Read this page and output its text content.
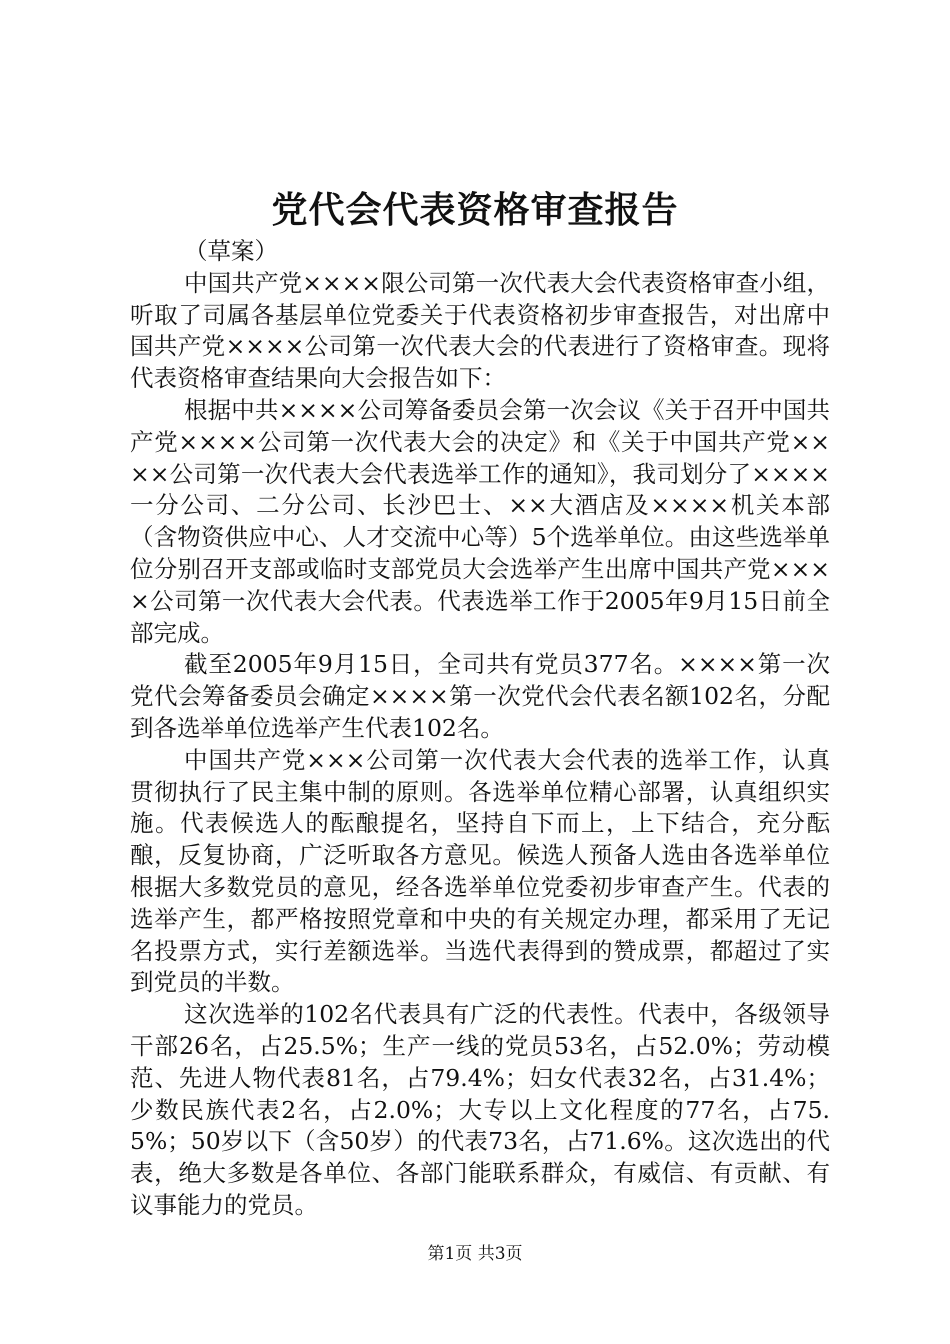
党代会代表资格审查报告

（草案）

中国共产党××××限公司第一次代表大会代表资格审查小组，听取了司属各基层单位党委关于代表资格初步审查报告，对出席中国共产党××××公司第一次代表大会的代表进行了资格审查。现将代表资格审查结果向大会报告如下：

根据中共××××公司筹备委员会第一次会议《关于召开中国共产党××××公司第一次代表大会的决定》和《关于中国共产党××××公司第一次代表大会代表选举工作的通知》，我司划分了××××一分公司、二分公司、长沙巴士、××大酒店及××××机关本部（含物资供应中心、人才交流中心等）5个选举单位。由这些选举单位分别召开支部或临时支部党员大会选举产生出席中国共产党××××公司第一次代表大会代表。代表选举工作于2005年9月15日前全部完成。

截至2005年9月15日，全司共有党员377名。××××第一次党代会筹备委员会确定××××第一次党代会代表名额102名，分配到各选举单位选举产生代表102名。

中国共产党×××公司第一次代表大会代表的选举工作，认真贯彻执行了民主集中制的原则。各选举单位精心部署，认真组织实施。代表候选人的酝酿提名，坚持自下而上，上下结合，充分酝酿，反复协商，广泛听取各方意见。候选人预备人选由各选举单位根据大多数党员的意见，经各选举单位党委初步审查产生。代表的选举产生，都严格按照党章和中央的有关规定办理，都采用了无记名投票方式，实行差额选举。当选代表得到的赞成票，都超过了实到党员的半数。

这次选举的102名代表具有广泛的代表性。代表中，各级领导干部26名，占25.5%；生产一线的党员53名，占52.0%；劳动模范、先进人物代表81名，占79.4%；妇女代表32名，占31.4%；少数民族代表2名，占2.0%；大专以上文化程度的77名，占75.5%；50岁以下（含50岁）的代表73名，占71.6%。这次选出的代表，绝大多数是各单位、各部门能联系群众，有威信、有贡献、有议事能力的党员。

第1页 共3页
